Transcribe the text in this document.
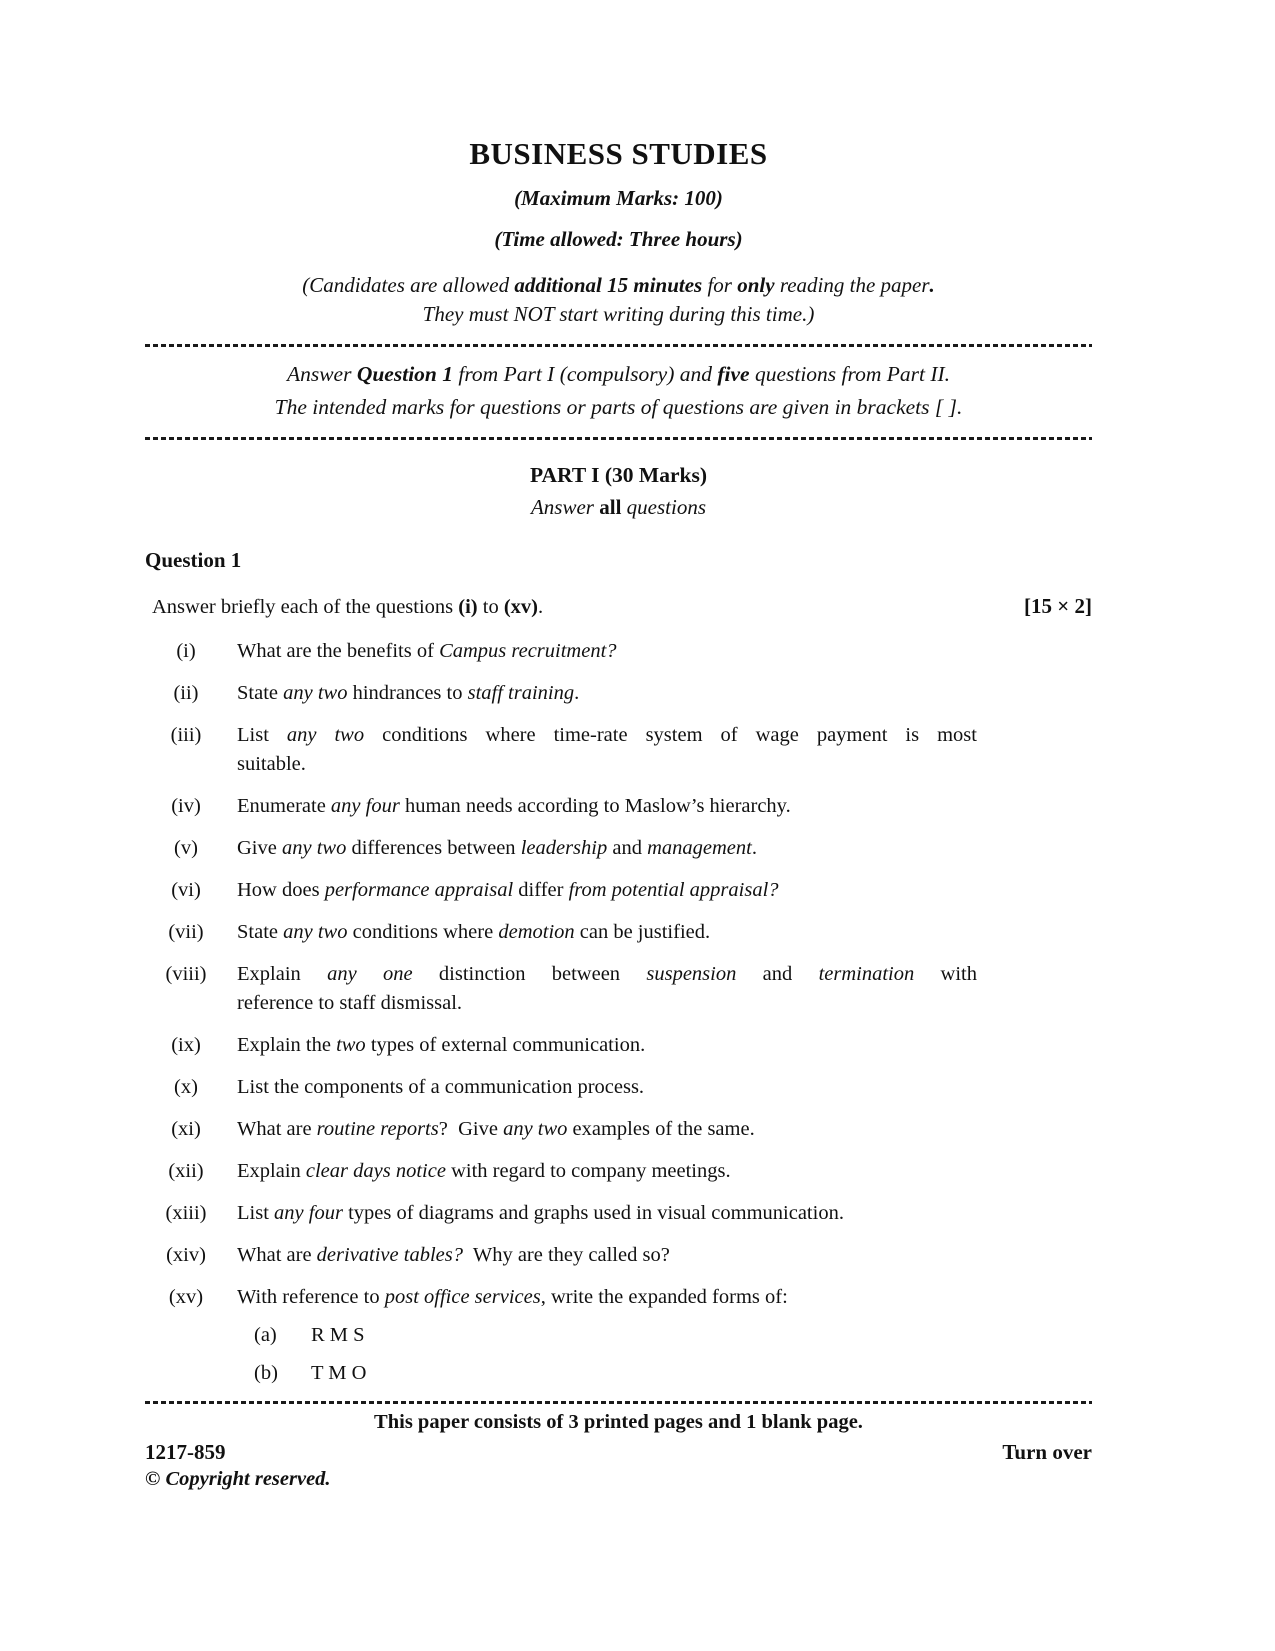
BUSINESS STUDIES
(Maximum Marks: 100)
(Time allowed: Three hours)
(Candidates are allowed additional 15 minutes for only reading the paper.
They must NOT start writing during this time.)
Answer Question 1 from Part I (compulsory) and five questions from Part II.
The intended marks for questions or parts of questions are given in brackets [ ].
PART I (30 Marks)
Answer all questions
Question 1
Answer briefly each of the questions (i) to (xv).	[15 × 2]
(i)	What are the benefits of Campus recruitment?
(ii)	State any two hindrances to staff training.
(iii)	List any two conditions where time-rate system of wage payment is most
suitable.
(iv)	Enumerate any four human needs according to Maslow’s hierarchy.
(v)	Give any two differences between leadership and management.
(vi)	How does performance appraisal differ from potential appraisal?
(vii)	State any two conditions where demotion can be justified.
(viii)	Explain any one distinction between suspension and termination with
reference to staff dismissal.
(ix)	Explain the two types of external communication.
(x)	List the components of a communication process.
(xi)	What are routine reports?  Give any two examples of the same.
(xii)	Explain clear days notice with regard to company meetings.
(xiii)	List any four types of diagrams and graphs used in visual communication.
(xiv)	What are derivative tables?  Why are they called so?
(xv)	With reference to post office services, write the expanded forms of:
(a)	R M S
(b)	T M O
This paper consists of 3 printed pages and 1 blank page.
1217-859	Turn over
© Copyright reserved.
